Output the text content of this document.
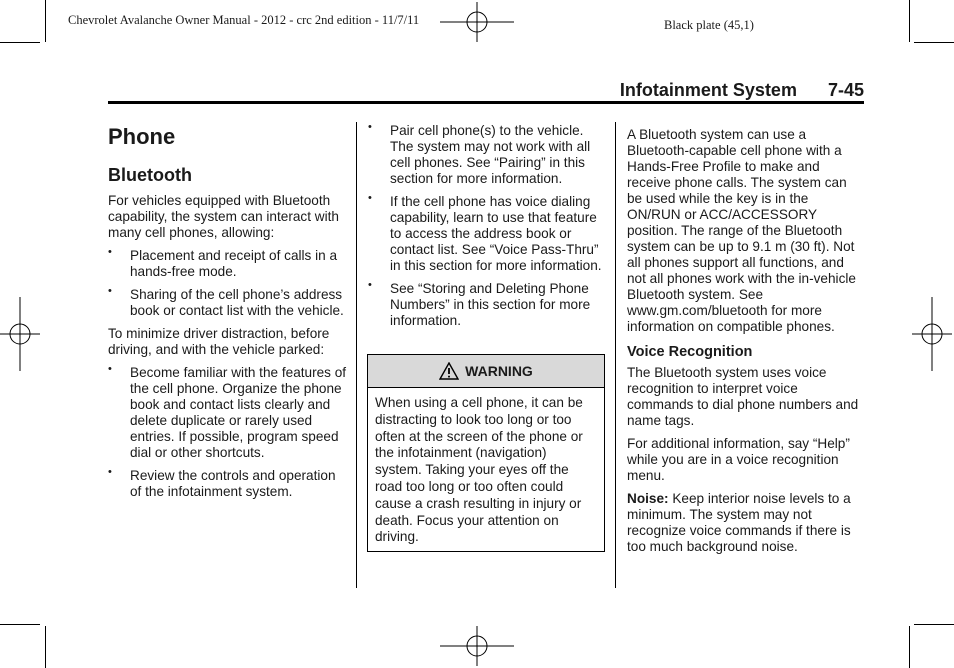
Chevrolet Avalanche Owner Manual - 2012 - crc 2nd edition - 11/7/11	Black plate (45,1)
Infotainment System 7-45
Phone
Bluetooth

For vehicles equipped with Bluetooth capability, the system can interact with many cell phones, allowing:

• Placement and receipt of calls in a hands-free mode.
• Sharing of the cell phone’s address book or contact list with the vehicle.

To minimize driver distraction, before driving, and with the vehicle parked:

• Become familiar with the features of the cell phone. Organize the phone book and contact lists clearly and delete duplicate or rarely used entries. If possible, program speed dial or other shortcuts.
• Review the controls and operation of the infotainment system.
• Pair cell phone(s) to the vehicle. The system may not work with all cell phones. See “Pairing” in this section for more information.
• If the cell phone has voice dialing capability, learn to use that feature to access the address book or contact list. See “Voice Pass-Thru” in this section for more information.
• See “Storing and Deleting Phone Numbers” in this section for more information.
WARNING

When using a cell phone, it can be distracting to look too long or too often at the screen of the phone or the infotainment (navigation) system. Taking your eyes off the road too long or too often could cause a crash resulting in injury or death. Focus your attention on driving.

A Bluetooth system can use a Bluetooth-capable cell phone with a Hands-Free Profile to make and receive phone calls. The system can be used while the key is in the ON/RUN or ACC/ACCESSORY position. The range of the Bluetooth system can be up to 9.1 m (30 ft). Not all phones support all functions, and not all phones work with the in-vehicle Bluetooth system. See www.gm.com/bluetooth for more information on compatible phones.

Voice Recognition

The Bluetooth system uses voice recognition to interpret voice commands to dial phone numbers and name tags.

For additional information, say “Help” while you are in a voice recognition menu.

Noise: Keep interior noise levels to a minimum. The system may not recognize voice commands if there is too much background noise.
